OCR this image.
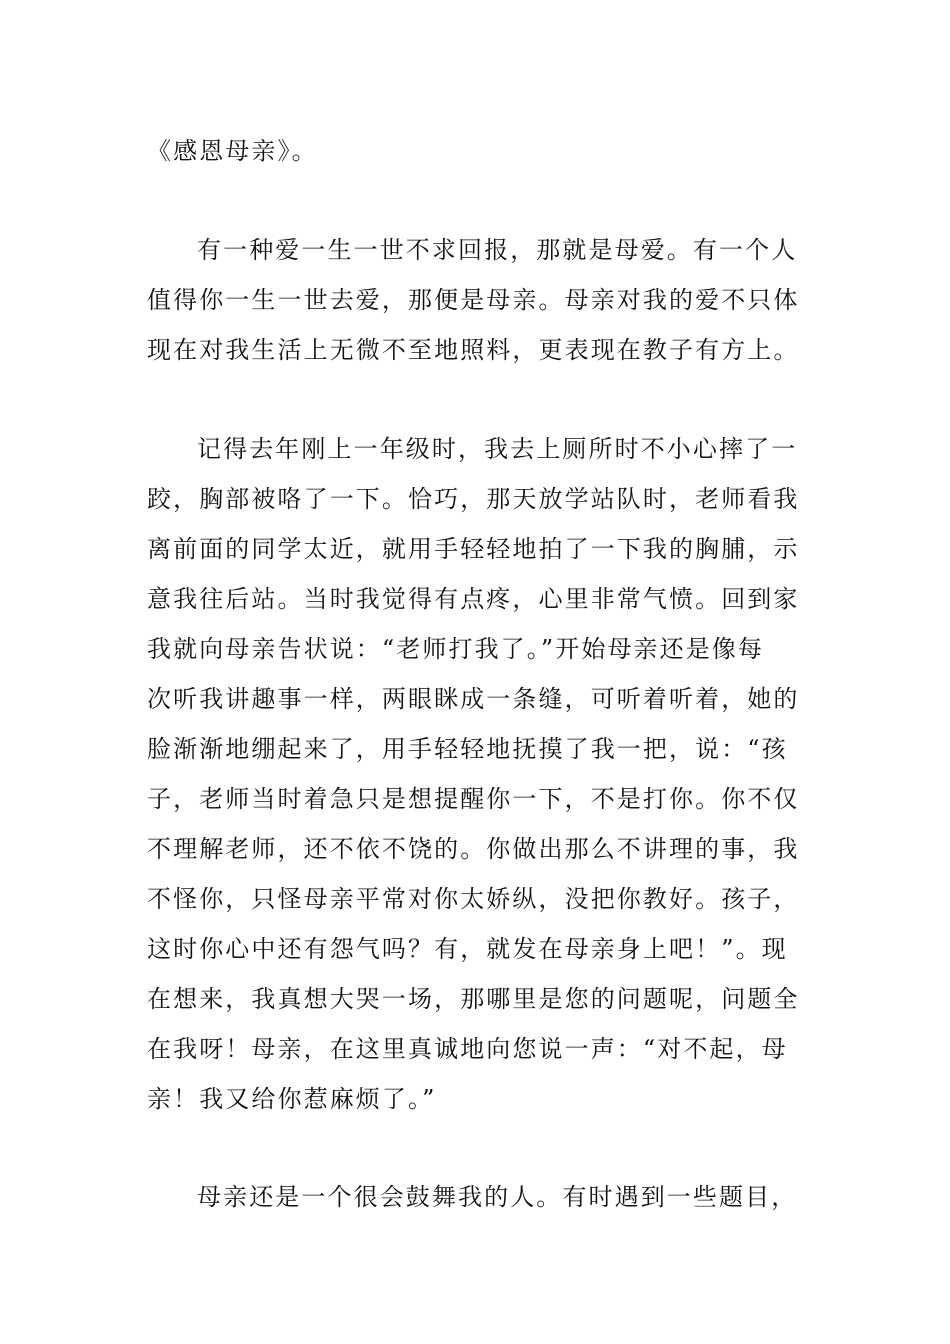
《感恩母亲》。
有一种爱一生一世不求回报，那就是母爱。有一个人
值得你一生一世去爱，那便是母亲。母亲对我的爱不只体
现在对我生活上无微不至地照料，更表现在教子有方上。
记得去年刚上一年级时，我去上厕所时不小心摔了一
跤，胸部被咯了一下。恰巧，那天放学站队时，老师看我
离前面的同学太近，就用手轻轻地拍了一下我的胸脯，示
意我往后站。当时我觉得有点疼，心里非常气愤。回到家
我就向母亲告状说：“老师打我了。”开始母亲还是像每
次听我讲趣事一样，两眼眯成一条缝，可听着听着，她的
脸渐渐地绷起来了，用手轻轻地抚摸了我一把，说：“孩
子，老师当时着急只是想提醒你一下，不是打你。你不仅
不理解老师，还不依不饶的。你做出那么不讲理的事，我
不怪你，只怪母亲平常对你太娇纵，没把你教好。孩子，
这时你心中还有怨气吗？有，就发在母亲身上吧！”。现
在想来，我真想大哭一场，那哪里是您的问题呢，问题全
在我呀！母亲，在这里真诚地向您说一声：“对不起，母
亲！我又给你惹麻烦了。”
母亲还是一个很会鼓舞我的人。有时遇到一些题目，
